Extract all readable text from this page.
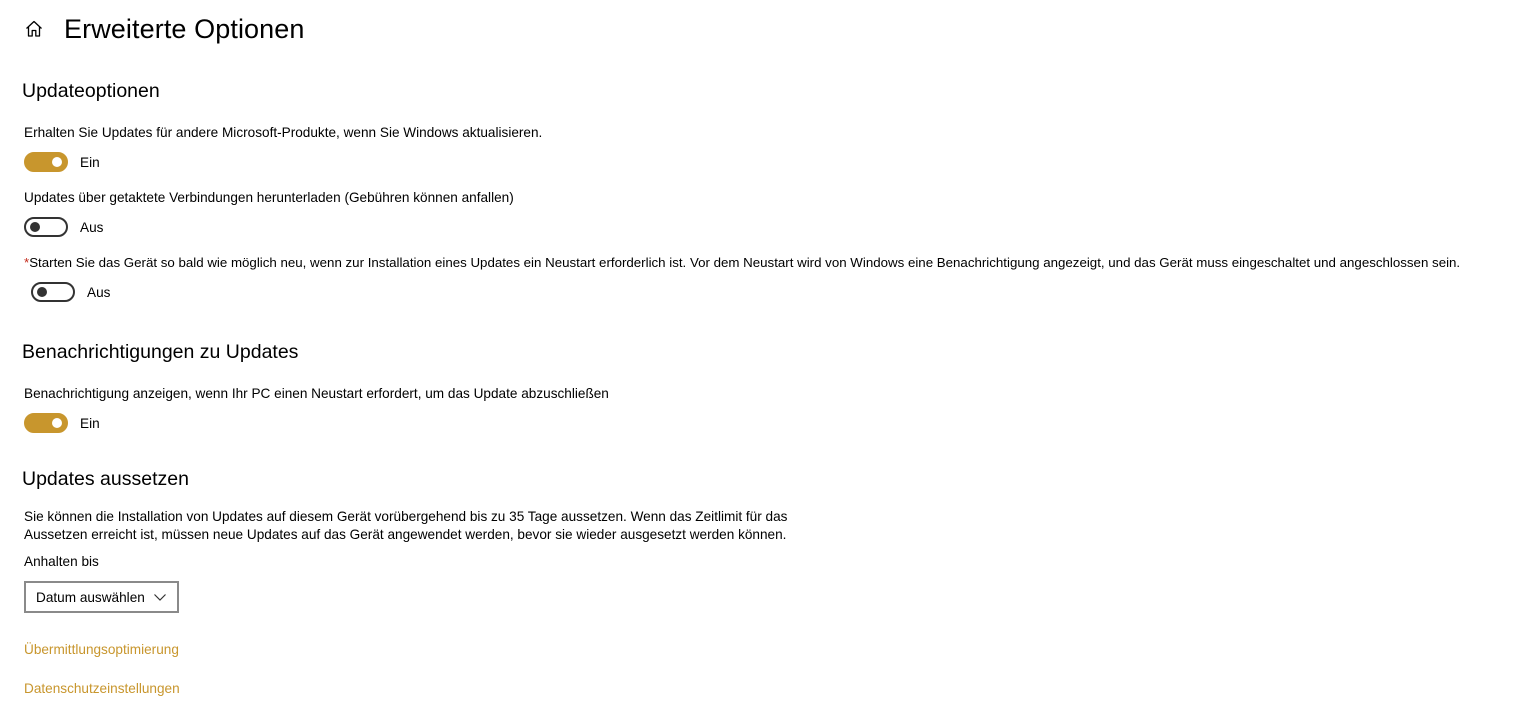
Erweiterte Optionen
Updateoptionen
Erhalten Sie Updates für andere Microsoft-Produkte, wenn Sie Windows aktualisieren.
Ein
Updates über getaktete Verbindungen herunterladen (Gebühren können anfallen)
Aus
*Starten Sie das Gerät so bald wie möglich neu, wenn zur Installation eines Updates ein Neustart erforderlich ist. Vor dem Neustart wird von Windows eine Benachrichtigung angezeigt, und das Gerät muss eingeschaltet und angeschlossen sein.
Aus
Benachrichtigungen zu Updates
Benachrichtigung anzeigen, wenn Ihr PC einen Neustart erfordert, um das Update abzuschließen
Ein
Updates aussetzen
Sie können die Installation von Updates auf diesem Gerät vorübergehend bis zu 35 Tage aussetzen. Wenn das Zeitlimit für das Aussetzen erreicht ist, müssen neue Updates auf das Gerät angewendet werden, bevor sie wieder ausgesetzt werden können.
Anhalten bis
Datum auswählen
Übermittlungsoptimierung
Datenschutzeinstellungen
